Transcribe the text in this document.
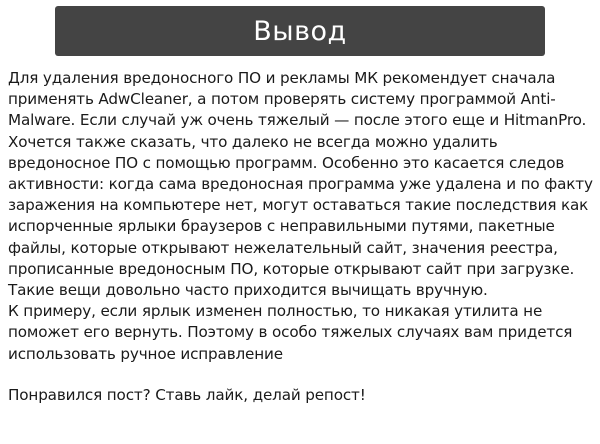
Вывод

Для удаления вредоносного ПО и рекламы МК рекомендует сначала
применять AdwCleaner, а потом проверять систему программой Anti-
Malware. Если случай уж очень тяжелый — после этого еще и HitmanPro.
Хочется также сказать, что далеко не всегда можно удалить
вредоносное ПО с помощью программ. Особенно это касается следов
активности: когда сама вредоносная программа уже удалена и по факту
заражения на компьютере нет, могут оставаться такие последствия как
испорченные ярлыки браузеров с неправильными путями, пакетные
файлы, которые открывают нежелательный сайт, значения реестра,
прописанные вредоносным ПО, которые открывают сайт при загрузке.
Такие вещи довольно часто приходится вычищать вручную.

К примеру, если ярлык изменен полностью, то никакая утилита не
поможет его вернуть. Поэтому в особо тяжелых случаях вам придется
использовать ручное исправление

Понравился пост? Ставь лайк, делай репост!
